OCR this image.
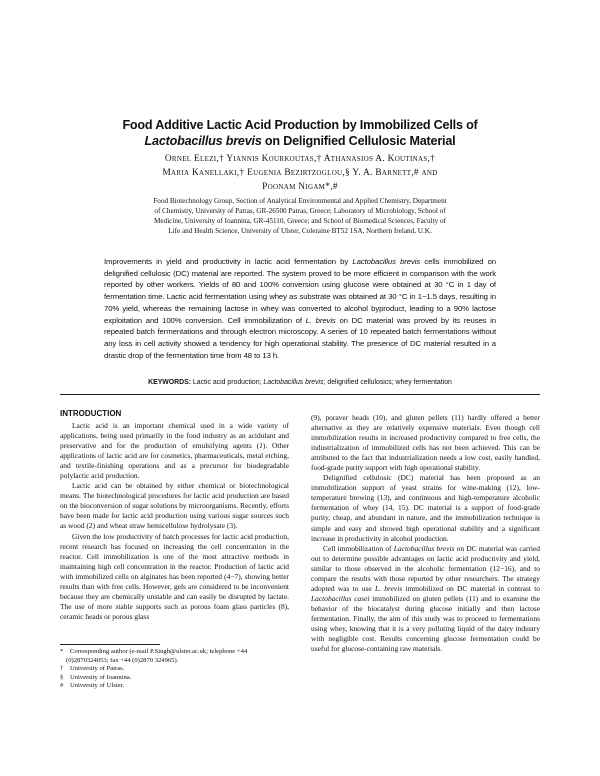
Food Additive Lactic Acid Production by Immobilized Cells of
Lactobacillus brevis on Delignified Cellulosic Material
Ornel Elezi,† Yiannis Kourkoutas,† Athanasios A. Koutinas,†
Maria Kanellaki,† Eugenia Bezirtzoglou,§ Y. A. Barnett,# and
Poonam Nigam*,#
Food Biotechnology Group, Section of Analytical Environmental and Applied Chemistry, Department
of Chemistry, University of Patras, GR-26500 Patras, Greece; Laboratory of Microbiology, School of
Medicine, University of Ioannina, GR-45110, Greece; and School of Biomedical Sciences, Faculty of
Life and Health Science, University of Ulster, Coleraine BT52 1SA, Northern Ireland, U.K.
Improvements in yield and productivity in lactic acid fermentation by Lactobacillus brevis cells immobilized on delignified cellulosic (DC) material are reported. The system proved to be more efficient in comparison with the work reported by other workers. Yields of 80 and 100% conversion using glucose were obtained at 30 °C in 1 day of fermentation time. Lactic acid fermentation using whey as substrate was obtained at 30 °C in 1−1.5 days, resulting in 70% yield, whereas the remaining lactose in whey was converted to alcohol byproduct, leading to a 90% lactose exploitation and 100% conversion. Cell immobilization of L. brevis on DC material was proved by its reuses in repeated batch fermentations and through electron microscopy. A series of 10 repeated batch fermentations without any loss in cell activity showed a tendency for high operational stability. The presence of DC material resulted in a drastic drop of the fermentation time from 48 to 13 h.
KEYWORDS: Lactic acid production; Lactobacillus brevis; delignified cellulosics; whey fermentation
INTRODUCTION

Lactic acid is an important chemical used in a wide variety of applications, being used primarily in the food industry as an acidulant and preservative and for the production of emulsifying agents (1). Other applications of lactic acid are for cosmetics, pharmaceuticals, metal etching, and textile-finishing operations and as a precursor for biodegradable polylactic acid production.

Lactic acid can be obtained by either chemical or biotechnological means. The biotechnological procedures for lactic acid production are based on the bioconversion of sugar solutions by microorganisms. Recently, efforts have been made for lactic acid production using various sugar sources such as wood (2) and wheat straw hemicellulose hydrolysate (3).

Given the low productivity of batch processes for lactic acid production, recent research has focused on increasing the cell concentration in the reactor. Cell immobilization is one of the most attractive methods in maintaining high cell concentration in the reactor. Production of lactic acid with immobilized cells on alginates has been reported (4−7), showing better results than with free cells. However, gels are considered to be inconvenient because they are chemically unstable and can easily be disrupted by lactate. The use of more stable supports such as porous foam glass particles (8), ceramic heads or porous glass

(9), poraver heads (10), and gluten pellets (11) hardly offered a better alternative as they are relatively expensive materials. Even though cell immobilization results in increased productivity compared to free cells, the industrialization of immobilized cells has not been achieved. This can be attributed to the fact that industrialization needs a low cost, easily handled, food-grade purity support with high operational stability.

Delignified cellulosic (DC) material has been proposed as an immobilization support of yeast strains for wine-making (12), low-temperature brewing (13), and continuous and high-temperature alcoholic fermentation of whey (14, 15). DC material is a support of food-grade purity, cheap, and abundant in nature, and the immobilization technique is simple and easy and showed high operational stability and a significant increase in productivity in alcohol production.

Cell immobilization of Lactobacillus brevis on DC material was carried out to determine possible advantages on lactic acid productivity and yield, similar to those observed in the alcoholic fermentation (12−16), and to compare the results with those reported by other researchers. The strategy adopted was to use L. brevis immobilized on DC material in contrast to Lactobacillus casei immobilized on gluten pellets (11) and to examine the behavior of the biocatalyst during glucose initially and then lactose fermentation. Finally, the aim of this study was to proceed to fermentations using whey, knowing that it is a very polluting liquid of the dairy industry with negligible cost. Results concerning glucose fermentation could be useful for glucose-containing raw materials.

* Corresponding author (e-mail P.Singh@ulster.ac.uk; telephone +44 (0)2870324053; fax +44 (0)2870 324965).
† University of Patras.
§ University of Ioannina.
# University of Ulster.
